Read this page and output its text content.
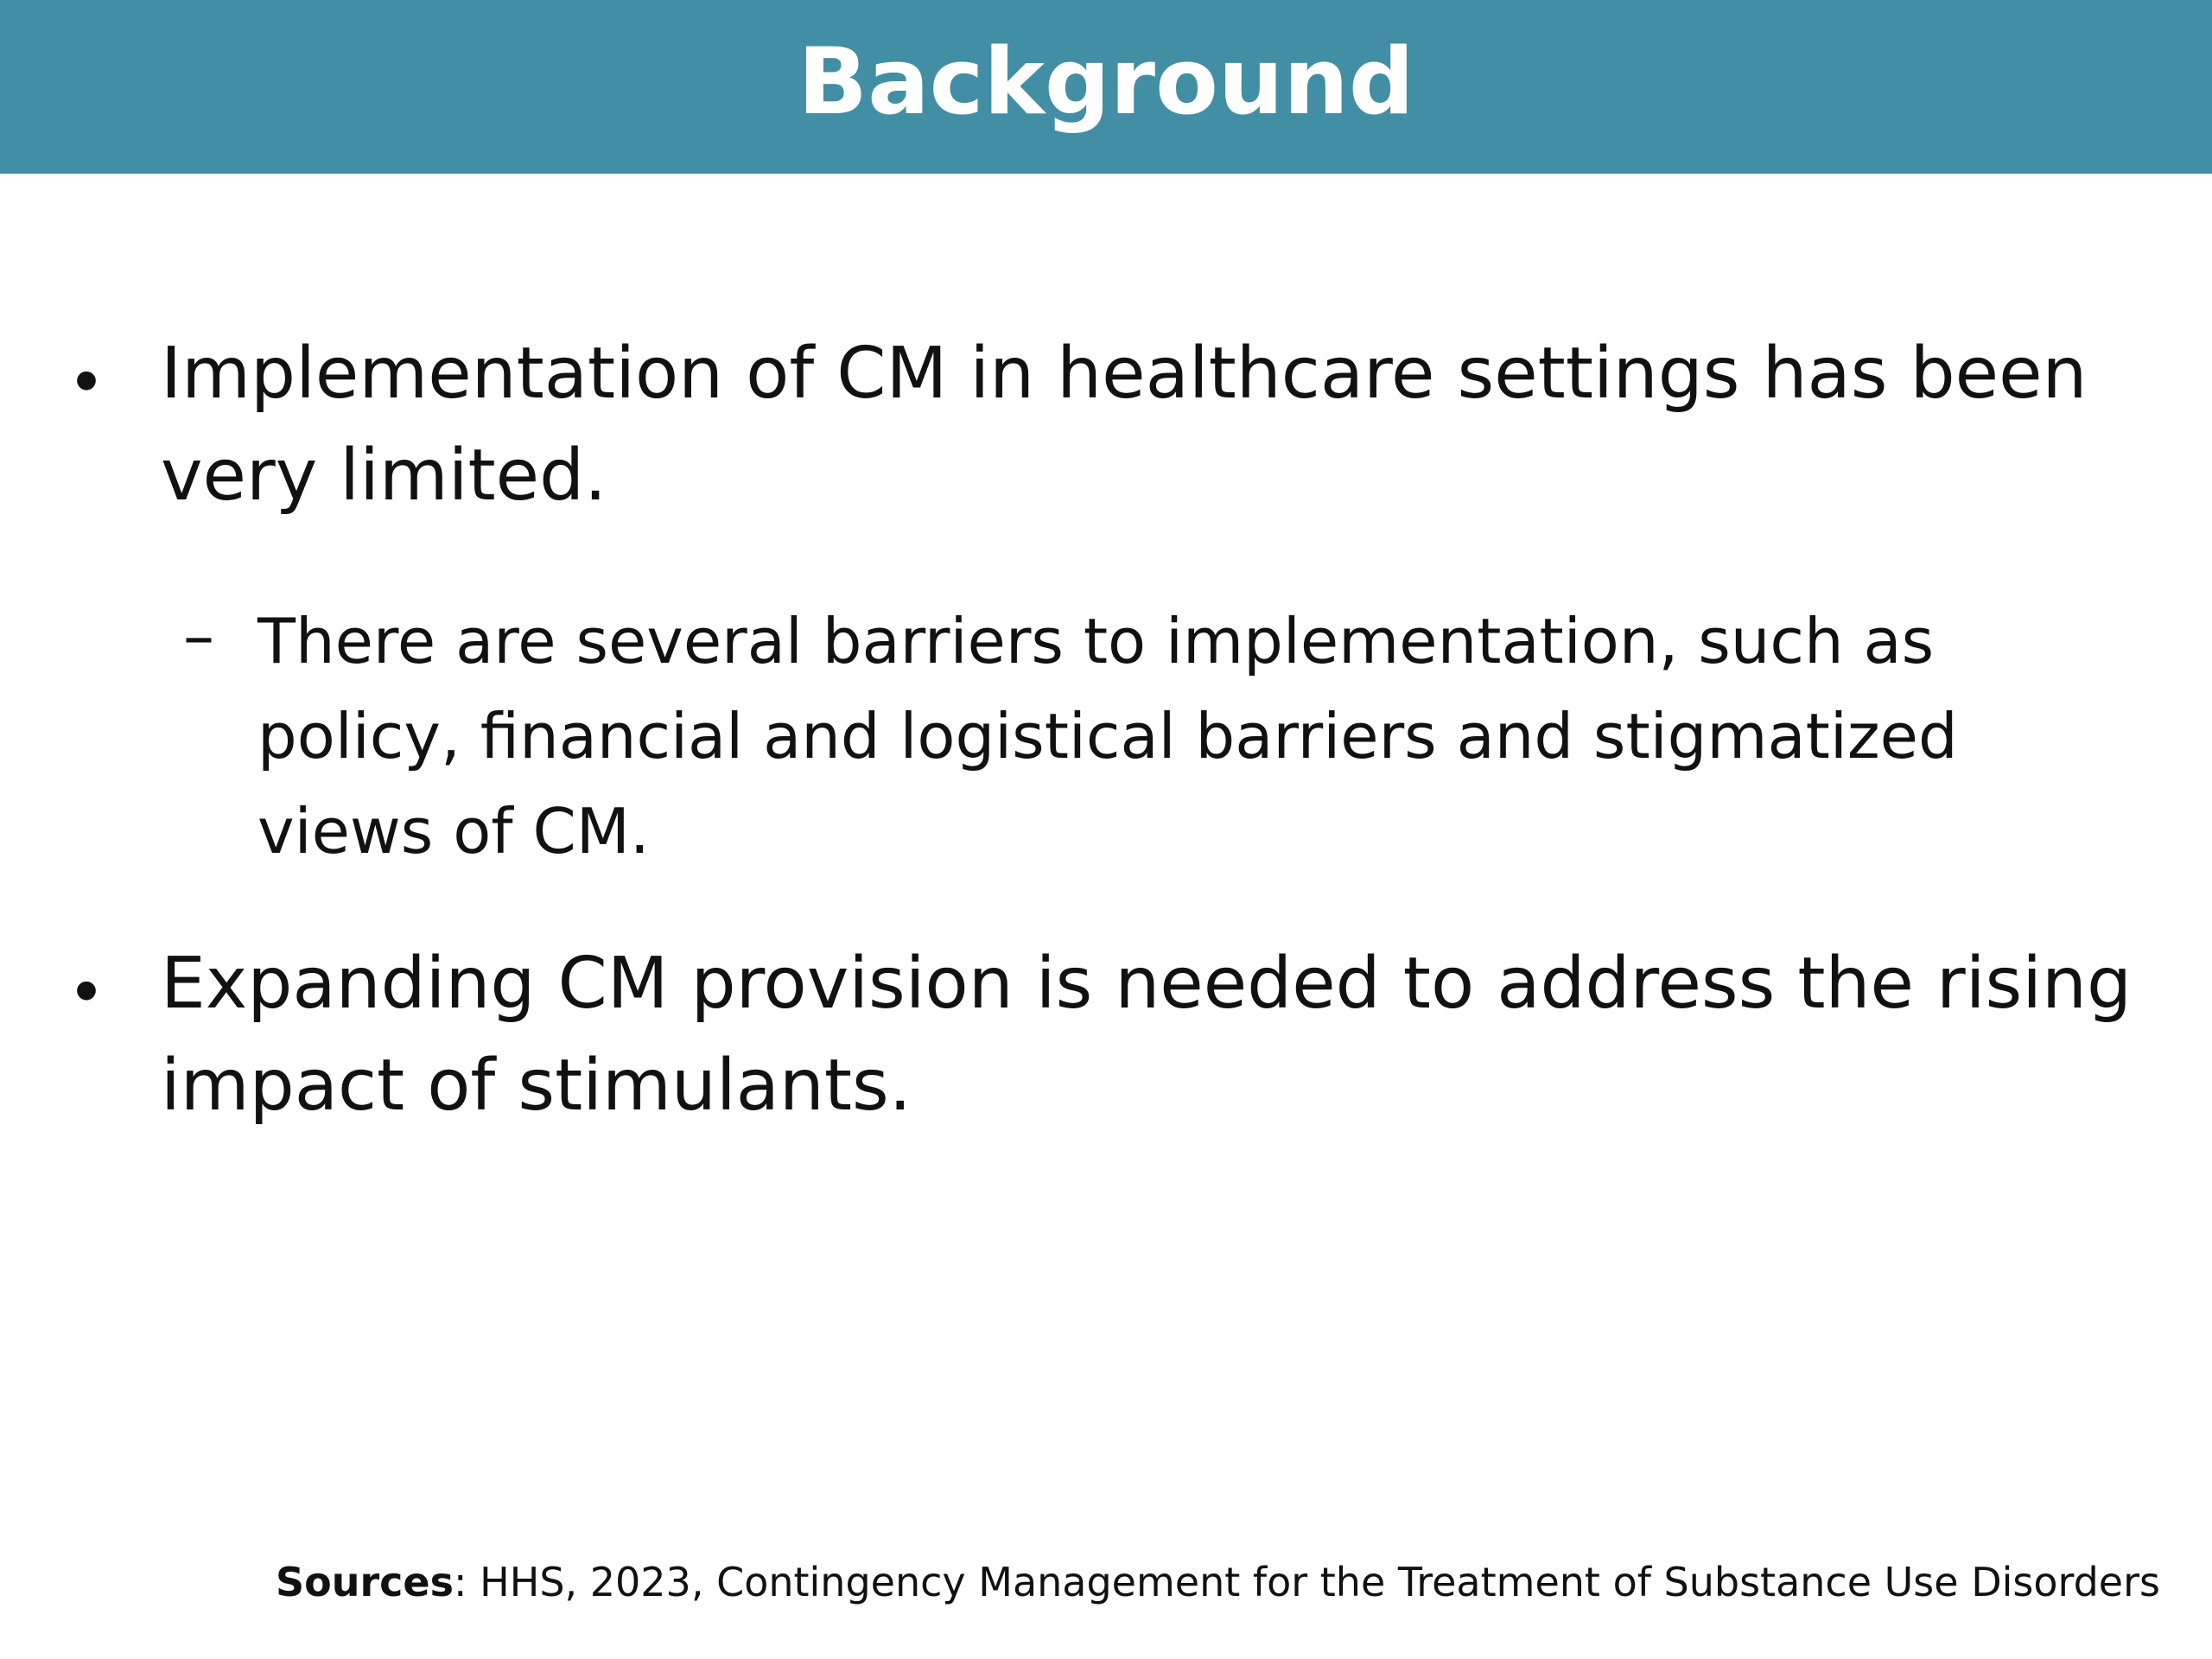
Background
• Implementation of CM in healthcare settings has been
very limited.
– There are several barriers to implementation, such as
policy, financial and logistical barriers and stigmatized
views of CM.
• Expanding CM provision is needed to address the rising
impact of stimulants.
Sources: HHS, 2023, Contingency Management for the Treatment of Substance Use Disorders
